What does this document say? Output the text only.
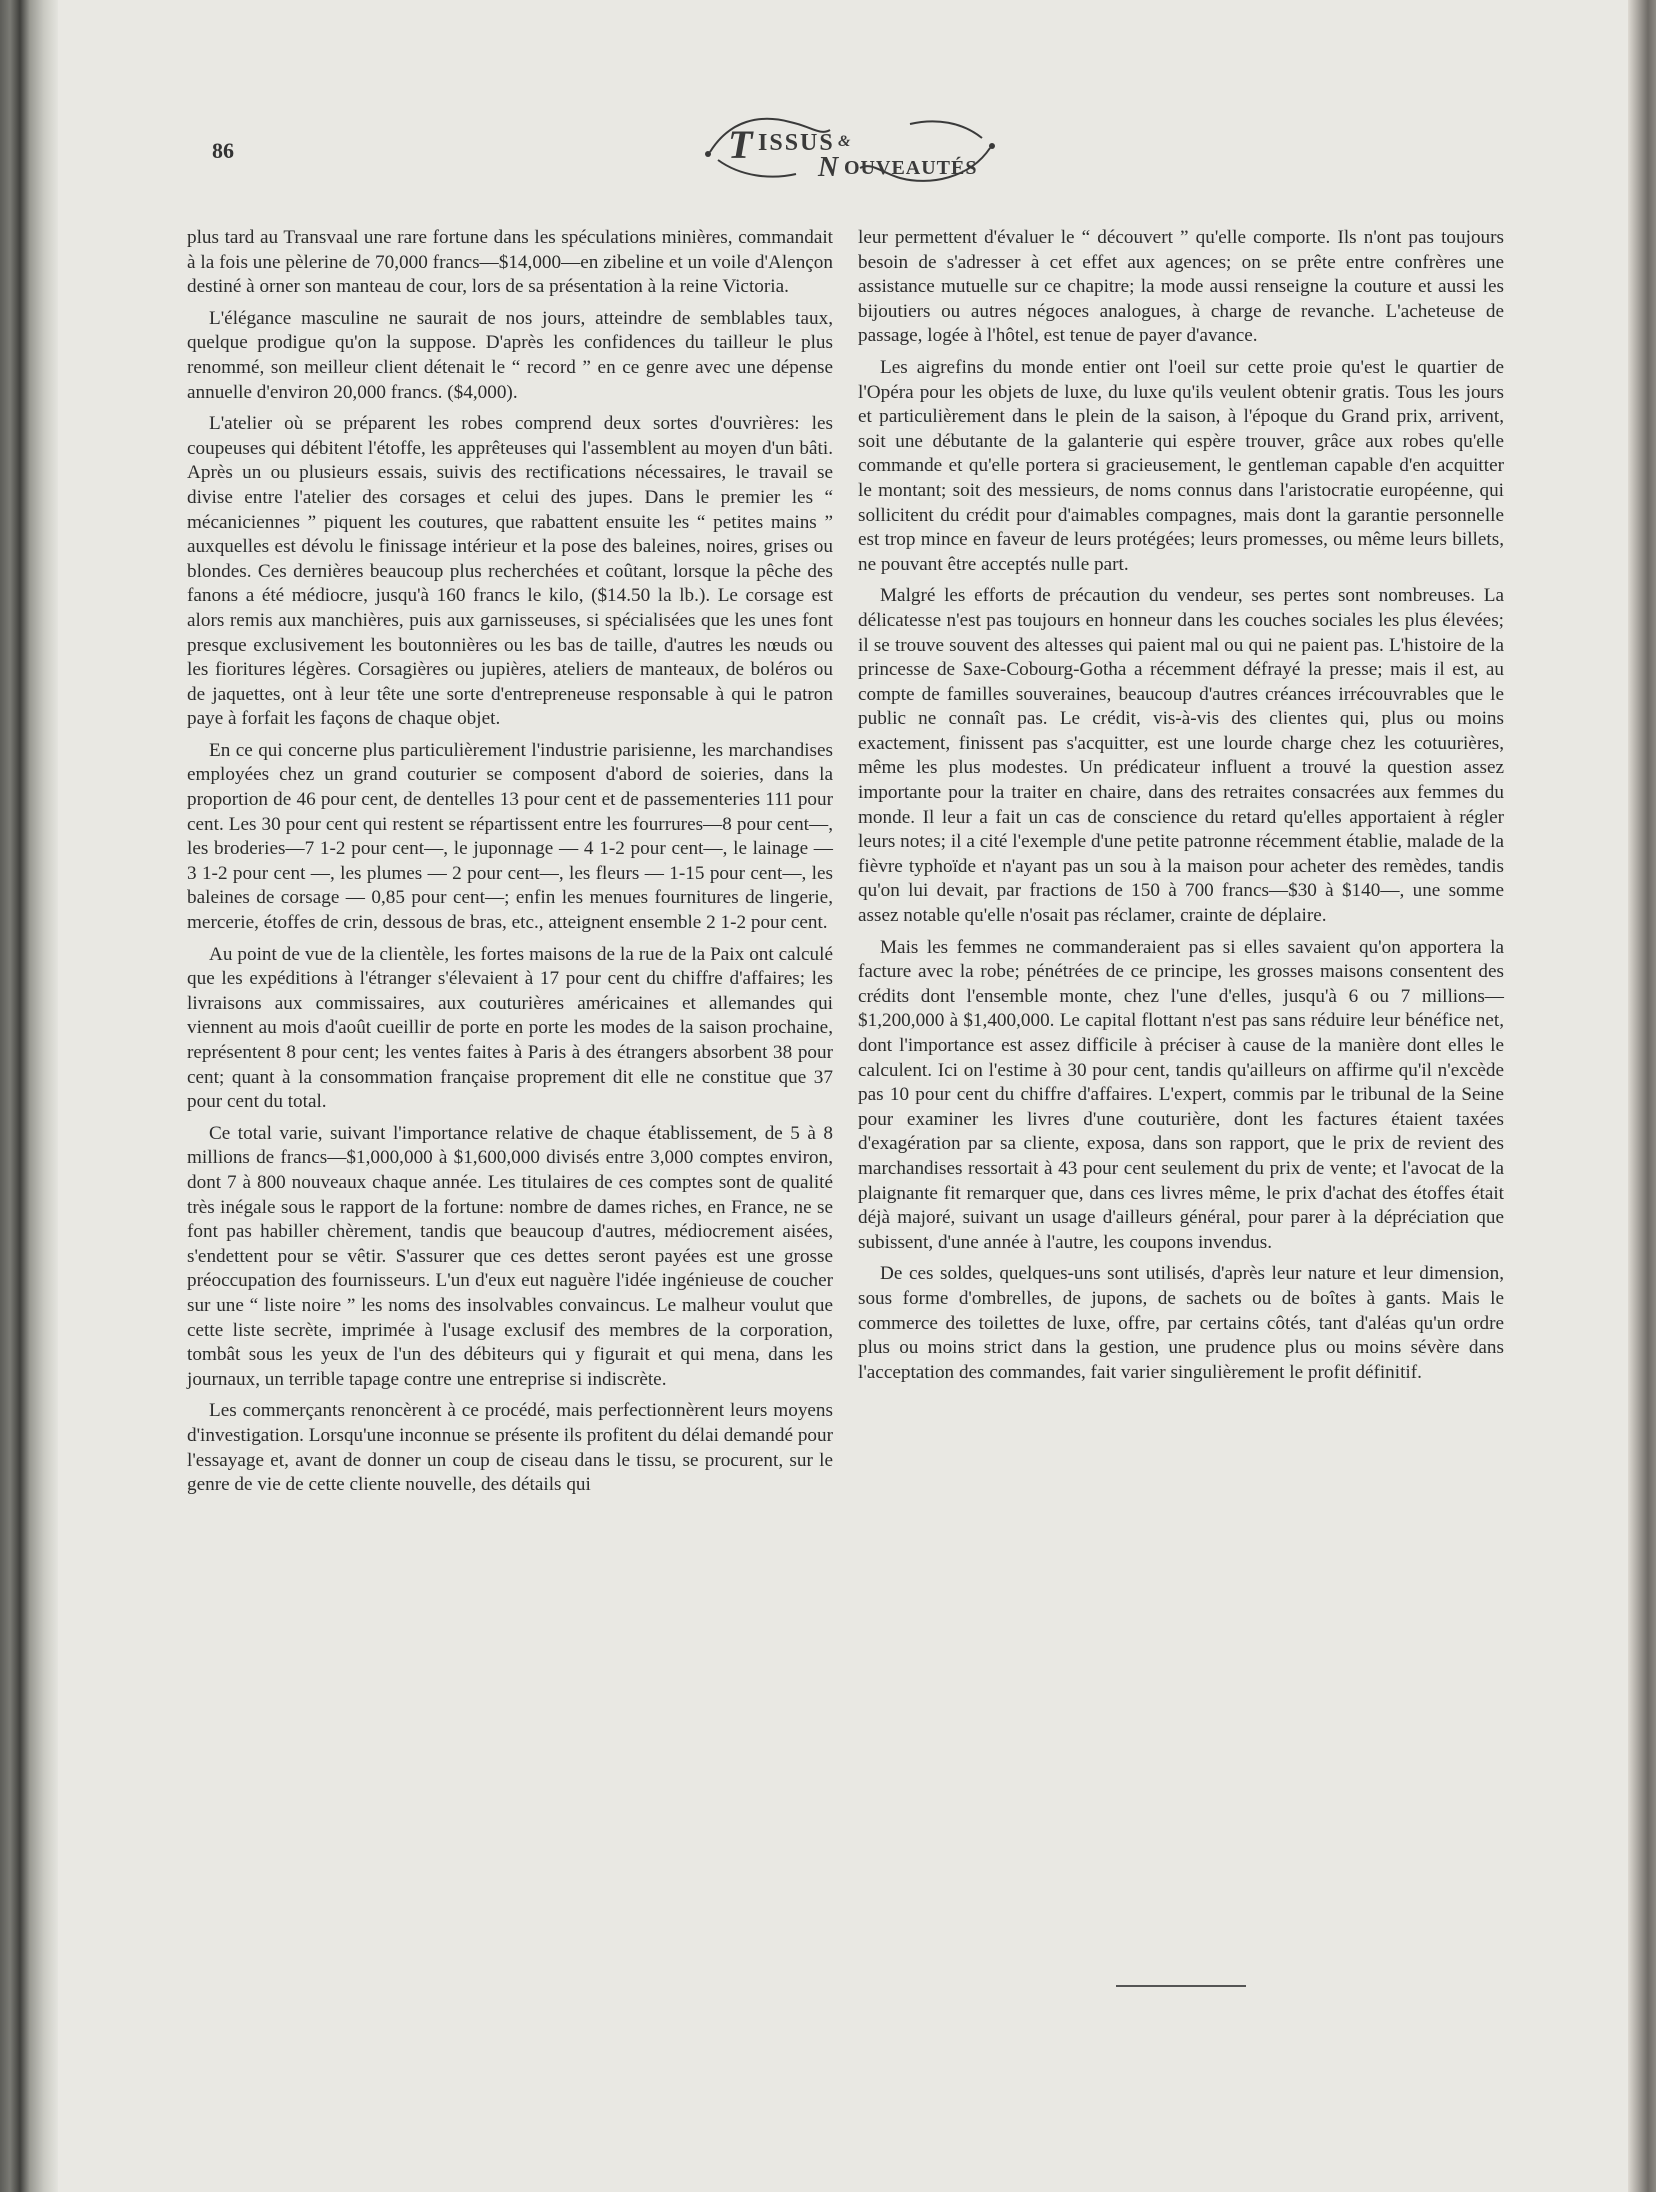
86	T ISSUS &
N OUVEAUTÉS

plus tard au Transvaal une rare fortune dans les spéculations minières, commandait à la fois une pèlerine de 70,000 francs—$14,000—en zibeline et un voile d'Alençon destiné à orner son manteau de cour, lors de sa présentation à la reine Victoria.

L'élégance masculine ne saurait de nos jours, atteindre de semblables taux, quelque prodigue qu'on la suppose. D'après les confidences du tailleur le plus renommé, son meilleur client détenait le “ record ” en ce genre avec une dépense annuelle d'environ 20,000 francs. ($4,000).

L'atelier où se préparent les robes comprend deux sortes d'ouvrières: les coupeuses qui débitent l'étoffe, les apprêteuses qui l'assemblent au moyen d'un bâti. Après un ou plusieurs essais, suivis des rectifications nécessaires, le travail se divise entre l'atelier des corsages et celui des jupes. Dans le premier les “ mécaniciennes ” piquent les coutures, que rabattent ensuite les “ petites mains ” auxquelles est dévolu le finissage intérieur et la pose des baleines, noires, grises ou blondes. Ces dernières beaucoup plus recherchées et coûtant, lorsque la pêche des fanons a été médiocre, jusqu'à 160 francs le kilo, ($14.50 la lb.). Le corsage est alors remis aux manchières, puis aux garnisseuses, si spécialisées que les unes font presque exclusivement les boutonnières ou les bas de taille, d'autres les nœuds ou les fioritures légères. Corsagières ou jupières, ateliers de manteaux, de boléros ou de jaquettes, ont à leur tête une sorte d'entrepreneuse responsable à qui le patron paye à forfait les façons de chaque objet.

En ce qui concerne plus particulièrement l'industrie parisienne, les marchandises employées chez un grand couturier se composent d'abord de soieries, dans la proportion de 46 pour cent, de dentelles 13 pour cent et de passementeries 111 pour cent. Les 30 pour cent qui restent se répartissent entre les fourrures—8 pour cent—, les broderies—7 1-2 pour cent—, le juponnage — 4 1-2 pour cent—, le lainage — 3 1-2 pour cent —, les plumes — 2 pour cent—, les fleurs — 1-15 pour cent—, les baleines de corsage — 0,85 pour cent—; enfin les menues fournitures de lingerie, mercerie, étoffes de crin, dessous de bras, etc., atteignent ensemble 2 1-2 pour cent.

Au point de vue de la clientèle, les fortes maisons de la rue de la Paix ont calculé que les expéditions à l'étranger s'élevaient à 17 pour cent du chiffre d'affaires; les livraisons aux commissaires, aux couturières américaines et allemandes qui viennent au mois d'août cueillir de porte en porte les modes de la saison prochaine, représentent 8 pour cent; les ventes faites à Paris à des étrangers absorbent 38 pour cent; quant à la consommation française proprement dit elle ne constitue que 37 pour cent du total.

Ce total varie, suivant l'importance relative de chaque établissement, de 5 à 8 millions de francs—$1,000,000 à $1,600,000 divisés entre 3,000 comptes environ, dont 7 à 800 nouveaux chaque année. Les titulaires de ces comptes sont de qualité très inégale sous le rapport de la fortune: nombre de dames riches, en France, ne se font pas habiller chèrement, tandis que beaucoup d'autres, médiocrement aisées, s'endettent pour se vêtir. S'assurer que ces dettes seront payées est une grosse préoccupation des fournisseurs. L'un d'eux eut naguère l'idée ingénieuse de coucher sur une “ liste noire ” les noms des insolvables convaincus. Le malheur voulut que cette liste secrète, imprimée à l'usage exclusif des membres de la corporation, tombât sous les yeux de l'un des débiteurs qui y figurait et qui mena, dans les journaux, un terrible tapage contre une entreprise si indiscrète.

Les commerçants renoncèrent à ce procédé, mais perfectionnèrent leurs moyens d'investigation. Lorsqu'une inconnue se présente ils profitent du délai demandé pour l'essayage et, avant de donner un coup de ciseau dans le tissu, se procurent, sur le genre de vie de cette cliente nouvelle, des détails qui

leur permettent d'évaluer le “ découvert ” qu'elle comporte. Ils n'ont pas toujours besoin de s'adresser à cet effet aux agences; on se prête entre confrères une assistance mutuelle sur ce chapitre; la mode aussi renseigne la couture et aussi les bijoutiers ou autres négoces analogues, à charge de revanche. L'acheteuse de passage, logée à l'hôtel, est tenue de payer d'avance.

Les aigrefins du monde entier ont l'oeil sur cette proie qu'est le quartier de l'Opéra pour les objets de luxe, du luxe qu'ils veulent obtenir gratis. Tous les jours et particulièrement dans le plein de la saison, à l'époque du Grand prix, arrivent, soit une débutante de la galanterie qui espère trouver, grâce aux robes qu'elle commande et qu'elle portera si gracieusement, le gentleman capable d'en acquitter le montant; soit des messieurs, de noms connus dans l'aristocratie européenne, qui sollicitent du crédit pour d'aimables compagnes, mais dont la garantie personnelle est trop mince en faveur de leurs protégées; leurs promesses, ou même leurs billets, ne pouvant être acceptés nulle part.

Malgré les efforts de précaution du vendeur, ses pertes sont nombreuses. La délicatesse n'est pas toujours en honneur dans les couches sociales les plus élevées; il se trouve souvent des altesses qui paient mal ou qui ne paient pas. L'histoire de la princesse de Saxe-Cobourg-Gotha a récemment défrayé la presse; mais il est, au compte de familles souveraines, beaucoup d'autres créances irrécouvrables que le public ne connaît pas. Le crédit, vis-à-vis des clientes qui, plus ou moins exactement, finissent pas s'acquitter, est une lourde charge chez les cotuurières, même les plus modestes. Un prédicateur influent a trouvé la question assez importante pour la traiter en chaire, dans des retraites consacrées aux femmes du monde. Il leur a fait un cas de conscience du retard qu'elles apportaient à régler leurs notes; il a cité l'exemple d'une petite patronne récemment établie, malade de la fièvre typhoïde et n'ayant pas un sou à la maison pour acheter des remèdes, tandis qu'on lui devait, par fractions de 150 à 700 francs—$30 à $140—, une somme assez notable qu'elle n'osait pas réclamer, crainte de déplaire.

Mais les femmes ne commanderaient pas si elles savaient qu'on apportera la facture avec la robe; pénétrées de ce principe, les grosses maisons consentent des crédits dont l'ensemble monte, chez l'une d'elles, jusqu'à 6 ou 7 millions—$1,200,000 à $1,400,000. Le capital flottant n'est pas sans réduire leur bénéfice net, dont l'importance est assez difficile à préciser à cause de la manière dont elles le calculent. Ici on l'estime à 30 pour cent, tandis qu'ailleurs on affirme qu'il n'excède pas 10 pour cent du chiffre d'affaires. L'expert, commis par le tribunal de la Seine pour examiner les livres d'une couturière, dont les factures étaient taxées d'exagération par sa cliente, exposa, dans son rapport, que le prix de revient des marchandises ressortait à 43 pour cent seulement du prix de vente; et l'avocat de la plaignante fit remarquer que, dans ces livres même, le prix d'achat des étoffes était déjà majoré, suivant un usage d'ailleurs général, pour parer à la dépréciation que subissent, d'une année à l'autre, les coupons invendus.

De ces soldes, quelques-uns sont utilisés, d'après leur nature et leur dimension, sous forme d'ombrelles, de jupons, de sachets ou de boîtes à gants. Mais le commerce des toilettes de luxe, offre, par certains côtés, tant d'aléas qu'un ordre plus ou moins strict dans la gestion, une prudence plus ou moins sévère dans l'acceptation des commandes, fait varier singulièrement le profit définitif.
